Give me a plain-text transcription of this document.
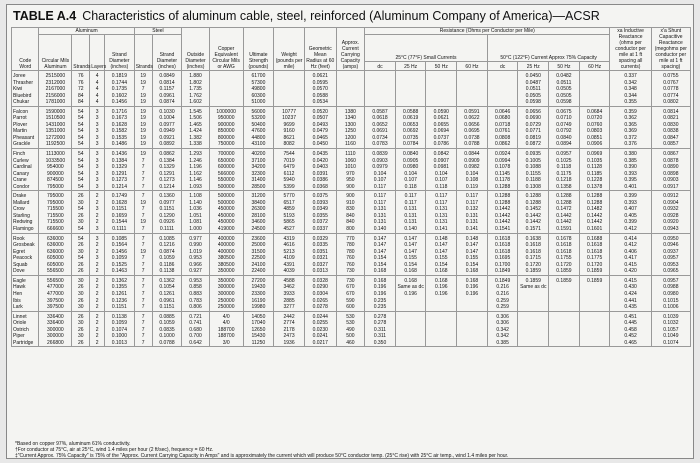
TABLE A.4 Characteristics of aluminum cable, steel, reinforced (Aluminum Company of America)—ACSR
Code Word	Aluminum				Steel		Outside Diameter (inches)	Copper Equivalent Circular Mils or AWG	Ultimate Strength (pounds)	Weight (pounds per mile)	Geometric Mean Radius at 60 Hz (feet)	Approx. Current Carrying Capacity (amps)	Resistance (Ohms per Conductor per Mile)								xa Inductive Reactance (ohms per conductor per mile at 1 ft spacing all currents)	x'a Shunt Capacitive Reactance (megohms per conductor per mile at 1 ft spacing)
	Circular Mils Aluminum	Strands	Layers	Strand Diameter (inches)	Strands	Strand Diameter (inches)							25°C (77°F) Small Currents				50°C (122°F) Current Approx 75% Capacity					
													dc	25 Hz	50 Hz	60 Hz	dc	25 Hz	50 Hz	60 Hz		
Joree	2515000	76	4	0.1819	19	0.0849	1.880		61700		0.0621							0.0450	0.0482		0.337	0.0755
Thrasher	2312000	76	4	0.1744	19	0.0814	1.802		57300		0.0595							0.0487	0.0511		0.342	0.0767
Kiwi	2167000	72	4	0.1735	7	0.1157	1.735		49800		0.0570							0.0511	0.0505		0.348	0.0778
Bluebird	2156000	84	4	0.1602	19	0.0961	1.762		60300		0.0588							0.0505	0.0505		0.344	0.0774
Chukar	1781000	84	4	0.1456	19	0.0874	1.602		51000		0.0534							0.0598	0.0598		0.355	0.0802
Falcon	1590000	54	3	0.1716	19	0.1030	1.545	1000000	56000	10777	0.0520	1380	0.0587	0.0588	0.0590	0.0591	0.0646	0.0656	0.0675	0.0684	0.359	0.0814
Parrot	1510500	54	3	0.1673	19	0.1004	1.506	950000	53200	10237	0.0507	1340	0.0618	0.0619	0.0621	0.0622	0.0680	0.0690	0.0710	0.0720	0.362	0.0821
Plover	1431000	54	3	0.1628	19	0.0977	1.465	900000	50400	9699	0.0493	1300	0.0652	0.0653	0.0655	0.0656	0.0718	0.0729	0.0749	0.0760	0.365	0.0830
Martin	1351000	54	3	0.1582	19	0.0949	1.424	850000	47600	9160	0.0479	1250	0.0691	0.0692	0.0694	0.0695	0.0761	0.0771	0.0792	0.0803	0.369	0.0838
Pheasant	1272000	54	3	0.1535	19	0.0921	1.382	800000	44800	8621	0.0465	1200	0.0734	0.0735	0.0737	0.0738	0.0808	0.0819	0.0840	0.0851	0.372	0.0847
Grackle	1192500	54	3	0.1486	19	0.0892	1.338	750000	43100	8082	0.0450	1160	0.0783	0.0784	0.0786	0.0788	0.0862	0.0872	0.0894	0.0906	0.376	0.0857
Finch	1113000	54	3	0.1436	19	0.0862	1.293	700000	40200	7544	0.0435	1110	0.0839	0.0840	0.0842	0.0844	0.0924	0.0935	0.0957	0.0969	0.380	0.0867
Curlew	1033500	54	3	0.1384	7	0.1384	1.246	650000	37100	7019	0.0420	1060	0.0903	0.0905	0.0907	0.0909	0.0994	0.1005	0.1025	0.1035	0.385	0.0878
Cardinal	954000	54	3	0.1329	7	0.1329	1.196	600000	34200	6479	0.0403	1010	0.0979	0.0980	0.0981	0.0982	0.1078	0.1088	0.1118	0.1128	0.390	0.0890
Canary	900000	54	3	0.1291	7	0.1291	1.162	566000	32300	6112	0.0391	970	0.104	0.104	0.104	0.104	0.1145	0.1155	0.1175	0.1185	0.393	0.0898
Crane	874500	54	3	0.1273	7	0.1273	1.146	550000	31400	5940	0.0386	950	0.107	0.107	0.107	0.108	0.1178	0.1188	0.1218	0.1228	0.395	0.0903
Condor	795000	54	3	0.1214	7	0.1214	1.093	500000	28500	5399	0.0368	900	0.117	0.118	0.118	0.119	0.1288	0.1308	0.1358	0.1378	0.401	0.0917
Drake	795000	26	2	0.1749	7	0.1360	1.108	500000	31200	5770	0.0375	900	0.117	0.117	0.117	0.117	0.1288	0.1288	0.1288	0.1288	0.399	0.0912
Mallard	795000	30	2	0.1628	19	0.0977	1.140	500000	38400	6517	0.0393	910	0.117	0.117	0.117	0.117	0.1288	0.1288	0.1288	0.1288	0.393	0.0904
Crow	715500	54	3	0.1151	7	0.1151	1.036	450000	26300	4859	0.0349	830	0.131	0.131	0.131	0.132	0.1442	0.1452	0.1472	0.1482	0.407	0.0932
Starling	715500	26	2	0.1659	7	0.1290	1.051	450000	28100	5193	0.0355	840	0.131	0.131	0.131	0.131	0.1442	0.1442	0.1442	0.1442	0.405	0.0928
Redwing	715500	30	2	0.1544	19	0.0926	1.081	450000	34600	5865	0.0372	840	0.131	0.131	0.131	0.131	0.1442	0.1442	0.1442	0.1442	0.399	0.0920
Flamingo	666600	54	3	0.1111	7	0.1111	1.000	419000	24500	4527	0.0337	800	0.140	0.140	0.141	0.141	0.1541	0.1571	0.1591	0.1601	0.412	0.0943
Rook	636000	54	3	0.1085	7	0.1085	0.977	400000	23600	4319	0.0329	770	0.147	0.147	0.148	0.148	0.1618	0.1638	0.1678	0.1688	0.414	0.0950
Grosbeak	636000	26	2	0.1564	7	0.1216	0.990	400000	25000	4616	0.0335	780	0.147	0.147	0.147	0.147	0.1618	0.1618	0.1618	0.1618	0.412	0.0946
Egret	636000	30	2	0.1456	19	0.0874	1.019	400000	31500	5213	0.0351	780	0.147	0.147	0.147	0.147	0.1618	0.1618	0.1618	0.1618	0.406	0.0937
Peacock	605000	54	3	0.1059	7	0.1059	0.953	380500	22500	4109	0.0321	760	0.154	0.155	0.155	0.155	0.1695	0.1715	0.1755	0.1775	0.417	0.0957
Squab	605000	26	2	0.1525	7	0.1186	0.966	380500	24100	4391	0.0327	760	0.154	0.154	0.154	0.154	0.1700	0.1720	0.1720	0.1720	0.415	0.0953
Dove	556500	26	2	0.1463	7	0.1138	0.927	350000	22400	4039	0.0313	730	0.168	0.168	0.168	0.168	0.1849	0.1859	0.1859	0.1859	0.420	0.0965
Eagle	556500	30	2	0.1362	7	0.1362	0.953	350000	27200	4588	0.0328	730	0.168	0.168	0.168	0.168	0.1849	0.1859	0.1859	0.1859	0.415	0.0957
Hawk	477000	26	2	0.1355	7	0.1054	0.858	300000	19430	3462	0.0290	670	0.196	Same as dc	0.196	0.196	0.216	Same as dc			0.430	0.0988
Hen	477000	30	2	0.1261	7	0.1261	0.883	300000	23300	3933	0.0304	670	0.196	0.196	0.196	0.196	0.216				0.424	0.0980
Ibis	397500	26	2	0.1236	7	0.0961	0.783	250000	16190	2885	0.0265	590	0.235				0.259				0.441	0.1015
Lark	397500	30	2	0.1151	7	0.1151	0.806	250000	19980	3277	0.0278	600	0.235				0.259				0.435	0.1006
Linnet	336400	26	2	0.1138	7	0.0885	0.721	4/0	14050	2442	0.0244	530	0.278				0.306				0.451	0.1039
Oriole	336400	30	2	0.1059	7	0.1059	0.741	4/0	17040	2774	0.0255	530	0.278				0.306				0.445	0.1032
Ostrich	300000	26	2	0.1074	7	0.0835	0.680	188700	12650	2178	0.0230	490	0.311				0.342				0.458	0.1057
Piper	300000	30	2	0.1000	7	0.1000	0.700	188700	15430	2473	0.0241	500	0.311				0.342				0.452	0.1049
Partridge	266800	26	2	0.1013	7	0.0788	0.642	3/0	11250	1936	0.0217	460	0.350				0.385				0.465	0.1074
*Based on copper 97%, aluminum 61% conductivity.
†For conductor at 75°C, air at 25°C, wind 1.4 miles per hour (2 ft/sec), frequency = 60 Hz.
‡"Current Approx. 75% Capacity" is 75% of the "Approx. Current Carrying Capacity in Amps" and is approximately the current which will produce 50°C conductor temp. (25°C rise) with 25°C air temp., wind 1.4 miles per hour.
